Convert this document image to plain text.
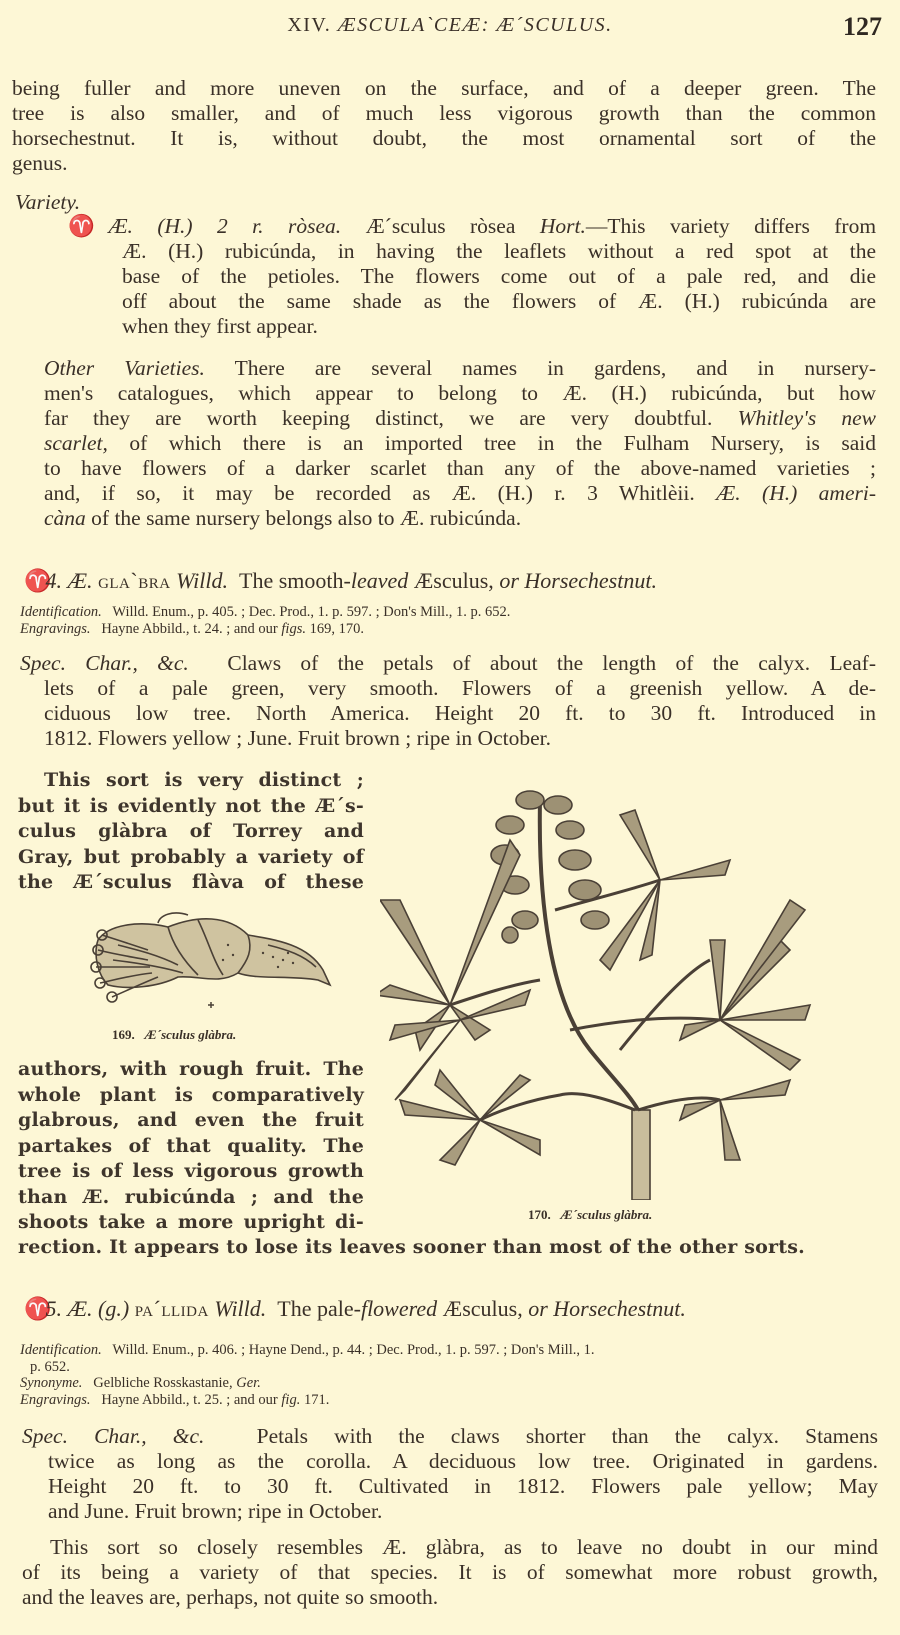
XIV. ÆSCULA`CEÆ: Æ´SCULUS.	127
being fuller and more uneven on the surface, and of a deeper green. The
tree is also smaller, and of much less vigorous growth than the common
horsechestnut. It is, without doubt, the most ornamental sort of the
genus.
Variety.
♈ Æ. (H.) 2 r. ròsea. Æ´sculus ròsea Hort.—This variety differs from
Æ. (H.) rubicúnda, in having the leaflets without a red spot at the
base of the petioles. The flowers come out of a pale red, and die
off about the same shade as the flowers of Æ. (H.) rubicúnda are
when they first appear.
Other Varieties. There are several names in gardens, and in nursery-
men's catalogues, which appear to belong to Æ. (H.) rubicúnda, but how
far they are worth keeping distinct, we are very doubtful. Whitley's new
scarlet, of which there is an imported tree in the Fulham Nursery, is said
to have flowers of a darker scarlet than any of the above-named varieties ;
and, if so, it may be recorded as Æ. (H.) r. 3 Whitlèii. Æ. (H.) ameri-
càna of the same nursery belongs also to Æ. rubicúnda.
♈ 4. Æ. gla`bra Willd. The smooth-leaved Æsculus, or Horsechestnut.
Identification. Willd. Enum., p. 405. ; Dec. Prod., 1. p. 597. ; Don's Mill., 1. p. 652.
Engravings. Hayne Abbild., t. 24. ; and our figs. 169, 170.
Spec. Char., &c. Claws of the petals of about the length of the calyx. Leaf-
lets of a pale green, very smooth. Flowers of a greenish yellow. A de-
ciduous low tree. North America. Height 20 ft. to 30 ft. Introduced in
1812. Flowers yellow ; June. Fruit brown ; ripe in October.
This sort is very distinct ;
but it is evidently not the Æ´s-
culus glàbra of Torrey and
Gray, but probably a variety of
the Æ´sculus flàva of these
169. Æ´sculus glàbra.
authors, with rough fruit. The
whole plant is comparatively
glabrous, and even the fruit
partakes of that quality. The
tree is of less vigorous growth
than Æ. rubicúnda ; and the
shoots take a more upright di-
rection. It appears to lose its leaves sooner than most of the other sorts.
170. Æ´sculus glàbra.
♈ 5. Æ. (g.) pa´llida Willd. The pale-flowered Æsculus, or Horsechestnut.
Identification. Willd. Enum., p. 406. ; Hayne Dend., p. 44. ; Dec. Prod., 1. p. 597. ; Don's Mill., 1.
p. 652.
Synonyme. Gelbliche Rosskastanie, Ger.
Engravings. Hayne Abbild., t. 25. ; and our fig. 171.
Spec. Char., &c. Petals with the claws shorter than the calyx. Stamens
twice as long as the corolla. A deciduous low tree. Originated in gardens.
Height 20 ft. to 30 ft. Cultivated in 1812. Flowers pale yellow; May
and June. Fruit brown; ripe in October.
This sort so closely resembles Æ. glàbra, as to leave no doubt in our mind
of its being a variety of that species. It is of somewhat more robust growth,
and the leaves are, perhaps, not quite so smooth.
